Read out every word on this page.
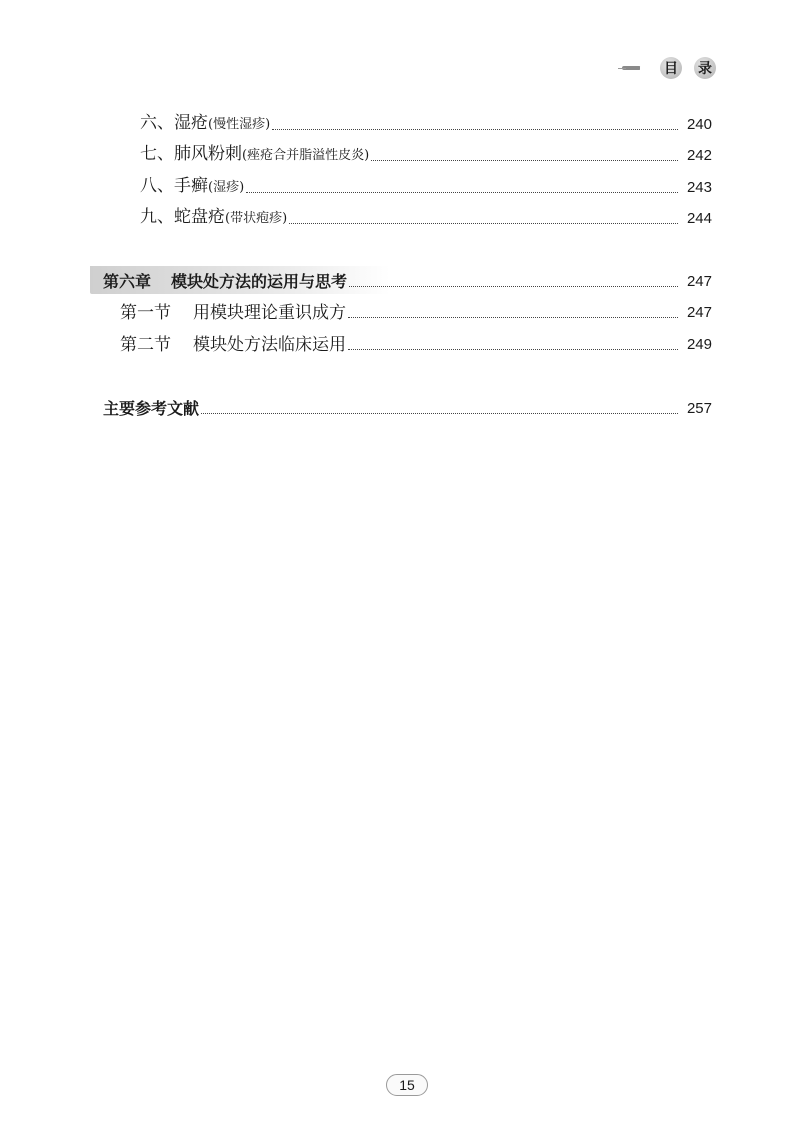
目 录
六、湿疮(慢性湿疹)	240
七、肺风粉刺(痤疮合并脂溢性皮炎)	242
八、手癣(湿疹)	243
九、蛇盘疮(带状疱疹)	244
第六章 模块处方法的运用与思考	247
第一节 用模块理论重识成方	247
第二节 模块处方法临床运用	249
主要参考文献	257
15
